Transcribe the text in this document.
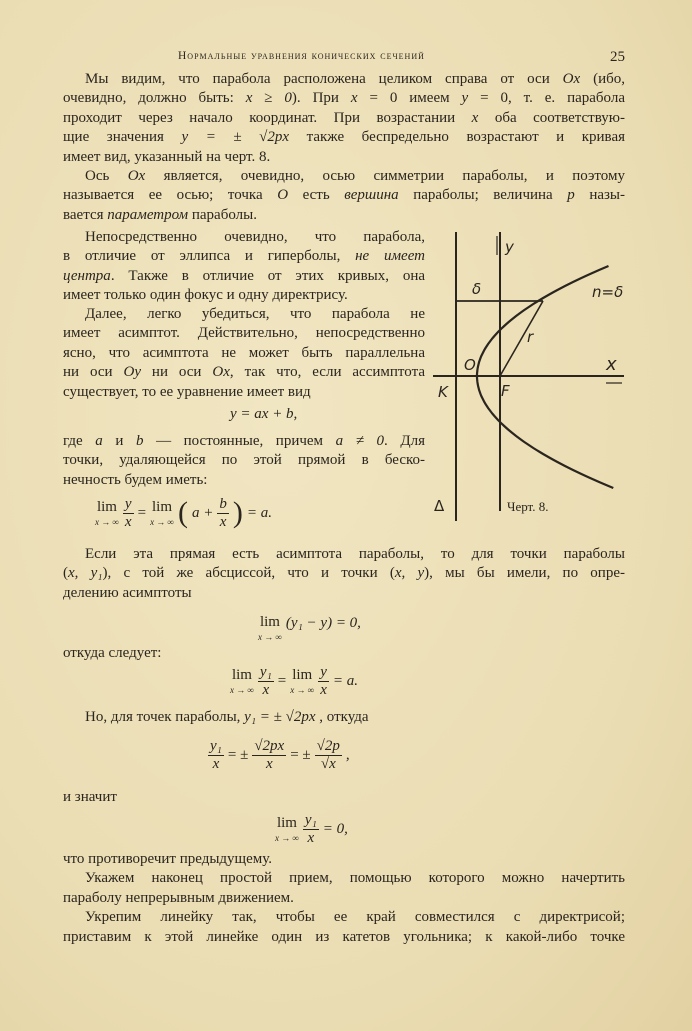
Нормальные уравнения конических сечений	25
Мы видим, что парабола расположена целиком справа от оси Ox (ибо,
очевидно, должно быть: x ≥ 0). При x = 0 имеем y = 0, т. е. парабола
проходит через начало координат. При возрастании x оба соответствую-
щие значения y = ± √2px также беспредельно возрастают и кривая
имеет вид, указанный на черт. 8.
Ось Ox является, очевидно, осью симметрии параболы, и поэтому
называется ее осью; точка O есть вершина параболы; величина p назы-
вается параметром параболы.
Непосредственно очевидно, что парабола,
в отличие от эллипса и гиперболы, не имеет
центра. Также в отличие от этих кривых, она
имеет только один фокус и одну директрису.
Далее, легко убедиться, что парабола не
имеет асимптот. Действительно, непосредственно
ясно, что асимптота не может быть параллельна
ни оси Oy ни оси Ox, так что, если ассимптота
существует, то ее уравнение имеет вид
y = ax + b,
где a и b — постоянные, причем a ≠ 0. Для
точки, удаляющейся по этой прямой в беско-
нечность будем иметь:
lim
x → ∞ $\frac{y}{x} = \lim$
x → ∞ ( $a + \frac{b}{x}$ ) = a.	Черт. 8.
Если эта прямая есть асимптота параболы, то для точки параболы
(x, y₁), с той же абсциссой, что и точки (x, y), мы бы имели, по опре-
делению асимптоты
lim
x → ∞
(y₁ − y) = 0,
откуда следует:
lim
x → ∞ $\frac{\text{y₁}}{x} = \lim$
x → ∞ $\frac{y}{x} = a$.
Но, для точек параболы, y₁ = ± √2px , откуда
$\frac{\text{y₁}}{x}$ = ± $\frac{√2px}{x}$ = ± $\frac{√2p}{√x}$ ,
и значит
lim
x → ∞ $\frac{\text{y₁}}{x} = 0$,
что противоречит предыдущему.
Укажем наконец простой прием, помощью которого можно начертить
параболу непрерывным движением.
Укрепим линейку так, чтобы ее край совместился с директрисой;
приставим к этой линейке один из катетов угольника; к какой-либо точке
y
x
δ	n=δ
r
O
K	F
Δ
